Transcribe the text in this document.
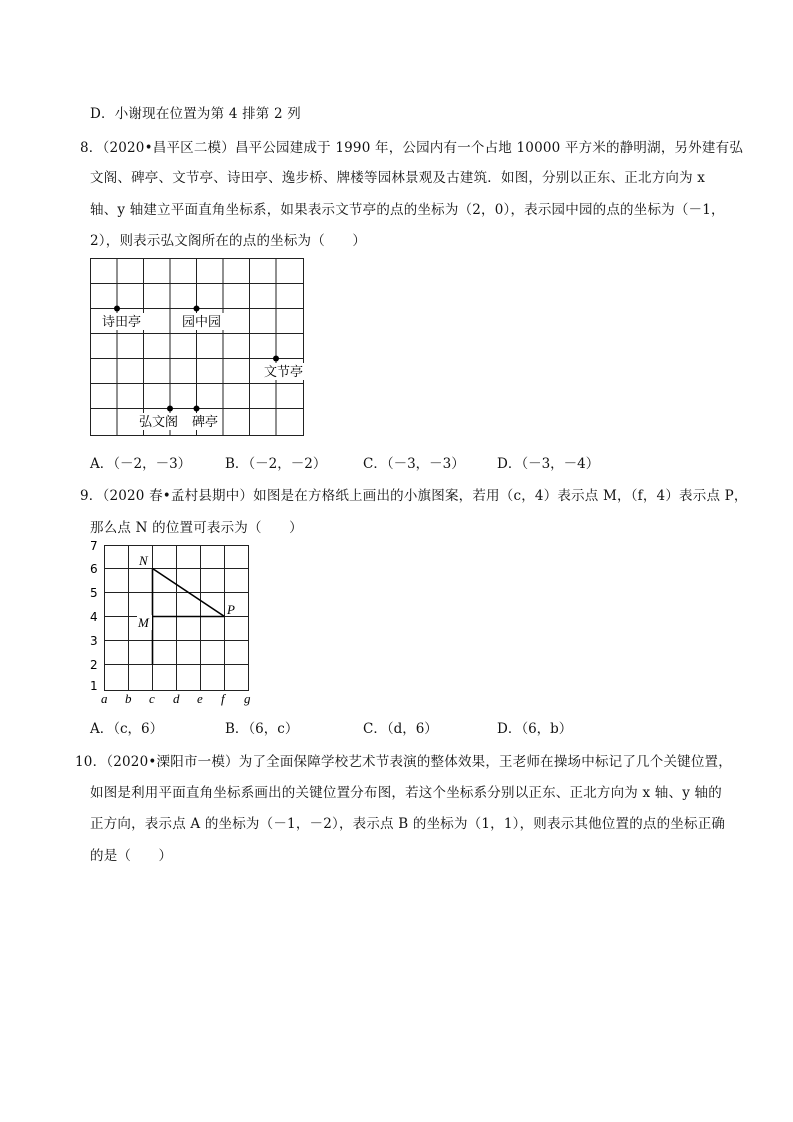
D．小谢现在位置为第 4 排第 2 列
8．（2020•昌平区二模）昌平公园建成于 1990 年，公园内有一个占地 10000 平方米的静明湖，另外建有弘
文阁、碑亭、文节亭、诗田亭、逸步桥、牌楼等园林景观及古建筑．如图，分别以正东、正北方向为 x
轴、y 轴建立平面直角坐标系，如果表示文节亭的点的坐标为（2，0），表示园中园的点的坐标为（－1，
2），则表示弘文阁所在的点的坐标为（　　）
诗田亭	园中园
文节亭
弘文阁 碑亭
A．（－2，－3）	B．（－2，－2）	C．（－3，－3） D．（－3，－4）
9．（2020 春•孟村县期中）如图是在方格纸上画出的小旗图案，若用（c，4）表示点 M，（f，4）表示点 P，
那么点 N 的位置可表示为（　　）
N
M
P
7
6
5
4
3
2
1
a b c d e f g
A．（c，6）	B．（6，c）	C．（d，6）	D．（6，b）
10．（2020•溧阳市一模）为了全面保障学校艺术节表演的整体效果，王老师在操场中标记了几个关键位置，
如图是利用平面直角坐标系画出的关键位置分布图，若这个坐标系分别以正东、正北方向为 x 轴、y 轴的
正方向，表示点 A 的坐标为（－1，－2），表示点 B 的坐标为（1，1），则表示其他位置的点的坐标正确
的是（　　）
